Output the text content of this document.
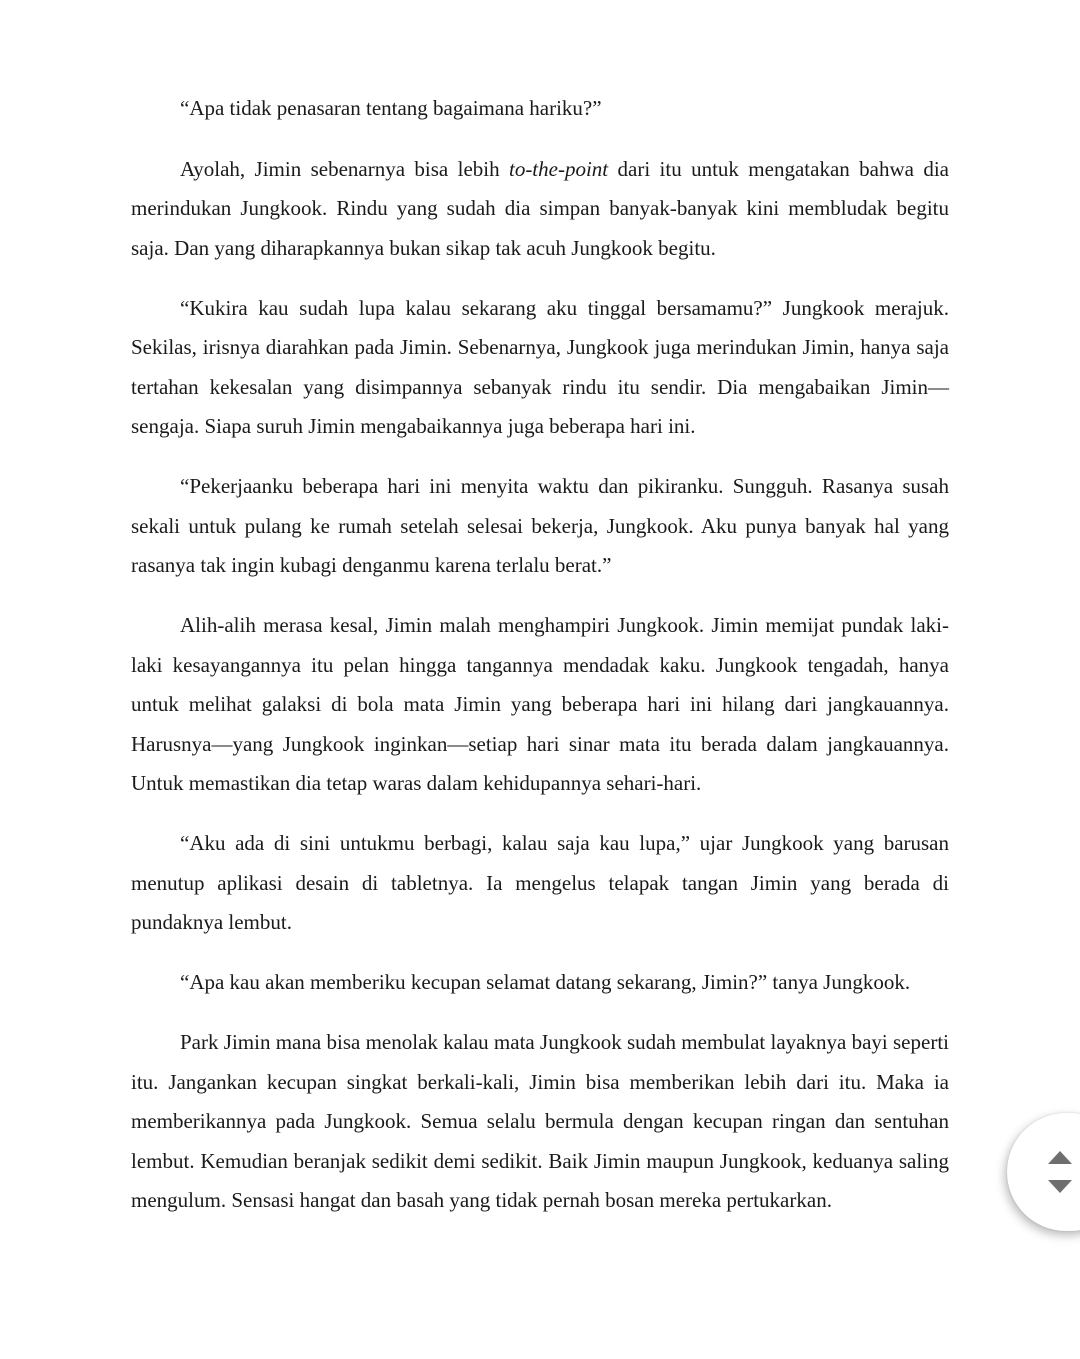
“Apa tidak penasaran tentang bagaimana hariku?”

Ayolah, Jimin sebenarnya bisa lebih to-the-point dari itu untuk mengatakan bahwa dia merindukan Jungkook. Rindu yang sudah dia simpan banyak-banyak kini membludak begitu saja. Dan yang diharapkannya bukan sikap tak acuh Jungkook begitu.

“Kukira kau sudah lupa kalau sekarang aku tinggal bersamamu?” Jungkook merajuk. Sekilas, irisnya diarahkan pada Jimin. Sebenarnya, Jungkook juga merindukan Jimin, hanya saja tertahan kekesalan yang disimpannya sebanyak rindu itu sendir. Dia mengabaikan Jimin—sengaja. Siapa suruh Jimin mengabaikannya juga beberapa hari ini.

“Pekerjaanku beberapa hari ini menyita waktu dan pikiranku. Sungguh. Rasanya susah sekali untuk pulang ke rumah setelah selesai bekerja, Jungkook. Aku punya banyak hal yang rasanya tak ingin kubagi denganmu karena terlalu berat.”

Alih-alih merasa kesal, Jimin malah menghampiri Jungkook. Jimin memijat pundak laki-laki kesayangannya itu pelan hingga tangannya mendadak kaku. Jungkook tengadah, hanya untuk melihat galaksi di bola mata Jimin yang beberapa hari ini hilang dari jangkauannya. Harusnya—yang Jungkook inginkan—setiap hari sinar mata itu berada dalam jangkauannya. Untuk memastikan dia tetap waras dalam kehidupannya sehari-hari.

“Aku ada di sini untukmu berbagi, kalau saja kau lupa,” ujar Jungkook yang barusan menutup aplikasi desain di tabletnya. Ia mengelus telapak tangan Jimin yang berada di pundaknya lembut.

“Apa kau akan memberiku kecupan selamat datang sekarang, Jimin?” tanya Jungkook.

Park Jimin mana bisa menolak kalau mata Jungkook sudah membulat layaknya bayi seperti itu. Jangankan kecupan singkat berkali-kali, Jimin bisa memberikan lebih dari itu. Maka ia memberikannya pada Jungkook. Semua selalu bermula dengan kecupan ringan dan sentuhan lembut. Kemudian beranjak sedikit demi sedikit. Baik Jimin maupun Jungkook, keduanya saling mengulum. Sensasi hangat dan basah yang tidak pernah bosan mereka pertukarkan.
